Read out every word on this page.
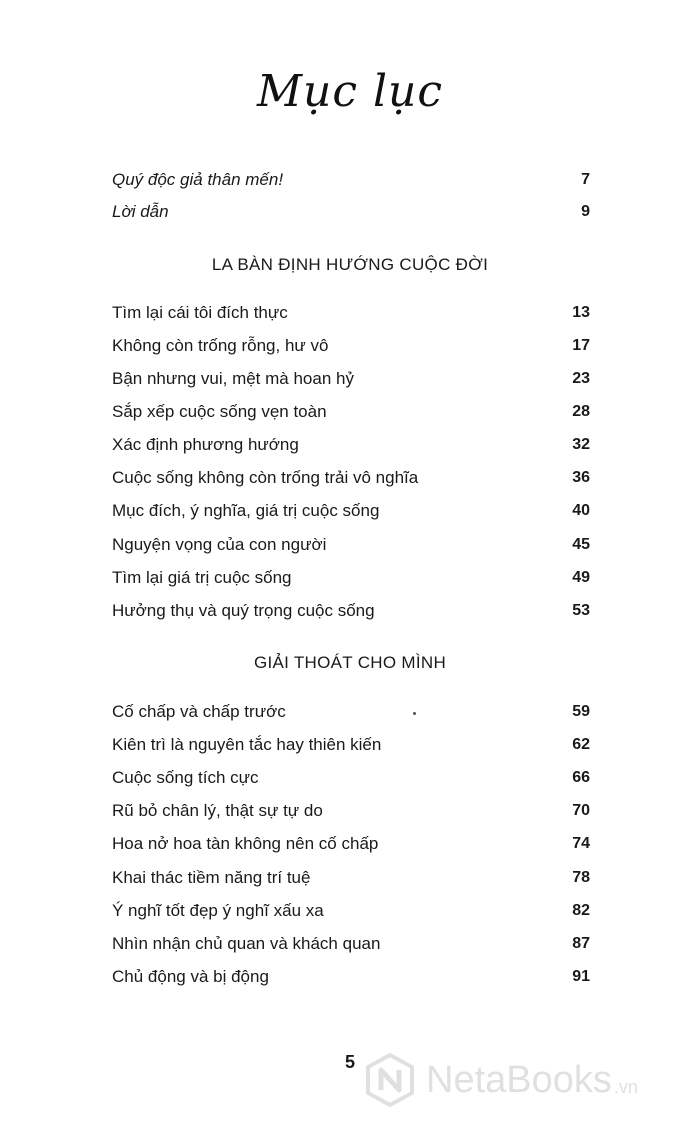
Mục lục
Quý độc giả thân mến!	7
Lời dẫn	9
LA BÀN ĐỊNH HƯỚNG CUỘC ĐỜI
Tìm lại cái tôi đích thực	13
Không còn trống rỗng, hư vô	17
Bận nhưng vui, mệt mà hoan hỷ	23
Sắp xếp cuộc sống vẹn toàn	28
Xác định phương hướng	32
Cuộc sống không còn trống trải vô nghĩa	36
Mục đích, ý nghĩa, giá trị cuộc sống	40
Nguyện vọng của con người	45
Tìm lại giá trị cuộc sống	49
Hưởng thụ và quý trọng cuộc sống	53
GIẢI THOÁT CHO MÌNH
Cố chấp và chấp trước	59
Kiên trì là nguyên tắc hay thiên kiến	62
Cuộc sống tích cực	66
Rũ bỏ chân lý, thật sự tự do	70
Hoa nở hoa tàn không nên cố chấp	74
Khai thác tiềm năng trí tuệ	78
Ý nghĩ tốt đẹp ý nghĩ xấu xa	82
Nhìn nhận chủ quan và khách quan	87
Chủ động và bị động	91
5	NetaBooks .vn
